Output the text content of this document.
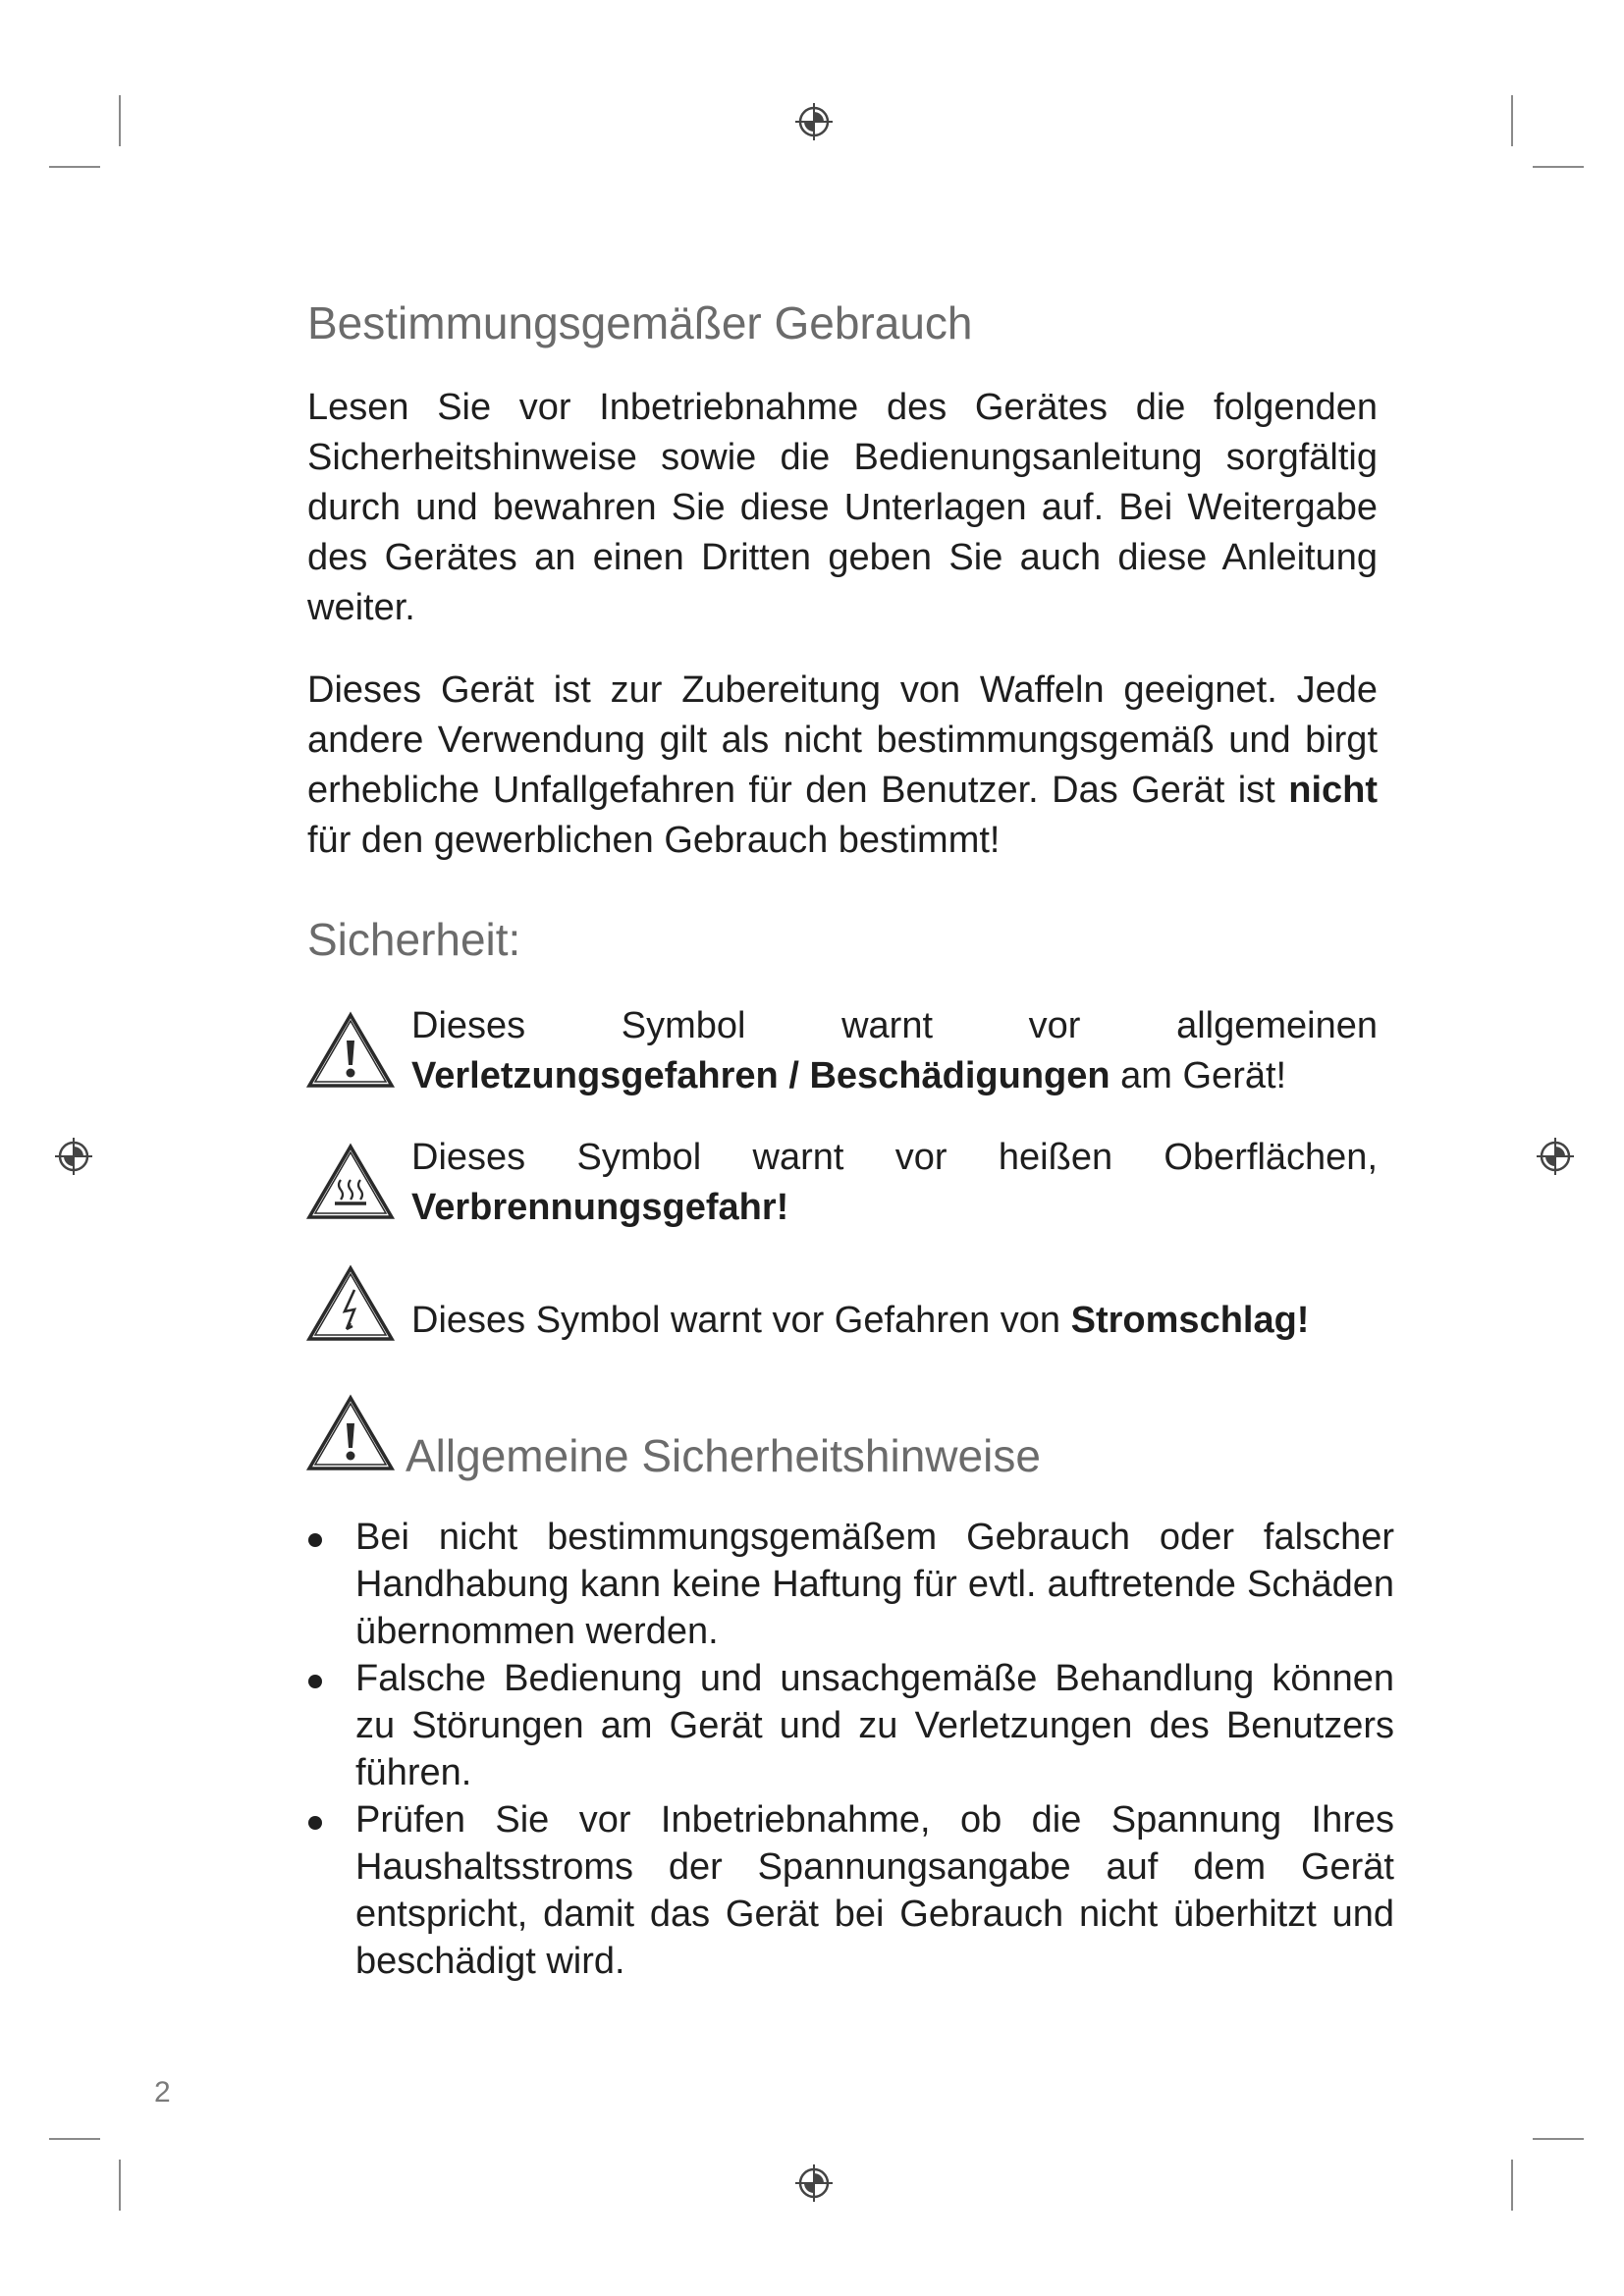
Bestimmungsgemäßer Gebrauch

Lesen Sie vor Inbetriebnahme des Gerätes die folgenden Sicherheitshinweise sowie die Bedienungsanleitung sorgfältig durch und bewahren Sie diese Unterlagen auf. Bei Weitergabe des Gerätes an einen Dritten geben Sie auch diese Anleitung weiter.

Dieses Gerät ist zur Zubereitung von Waffeln geeignet. Jede andere Verwendung gilt als nicht bestimmungsgemäß und birgt erhebliche Unfallgefahren für den Benutzer. Das Gerät ist nicht für den gewerblichen Gebrauch bestimmt!

Sicherheit:

Dieses Symbol warnt vor allgemeinen Verletzungsgefahren / Beschädigungen am Gerät!

Dieses Symbol warnt vor heißen Oberflächen, Verbrennungsgefahr!

Dieses Symbol warnt vor Gefahren von Stromschlag!

Allgemeine Sicherheitshinweise
Bei nicht bestimmungsgemäßem Gebrauch oder falscher Handhabung kann keine Haftung für evtl. auftretende Schäden übernommen werden.
Falsche Bedienung und unsachgemäße Behandlung können zu Störungen am Gerät und zu Verletzungen des Benutzers führen.
Prüfen Sie vor Inbetriebnahme, ob die Spannung Ihres Haushaltsstroms der Spannungsangabe auf dem Gerät entspricht, damit das Gerät bei Gebrauch nicht überhitzt und beschädigt wird.
2
